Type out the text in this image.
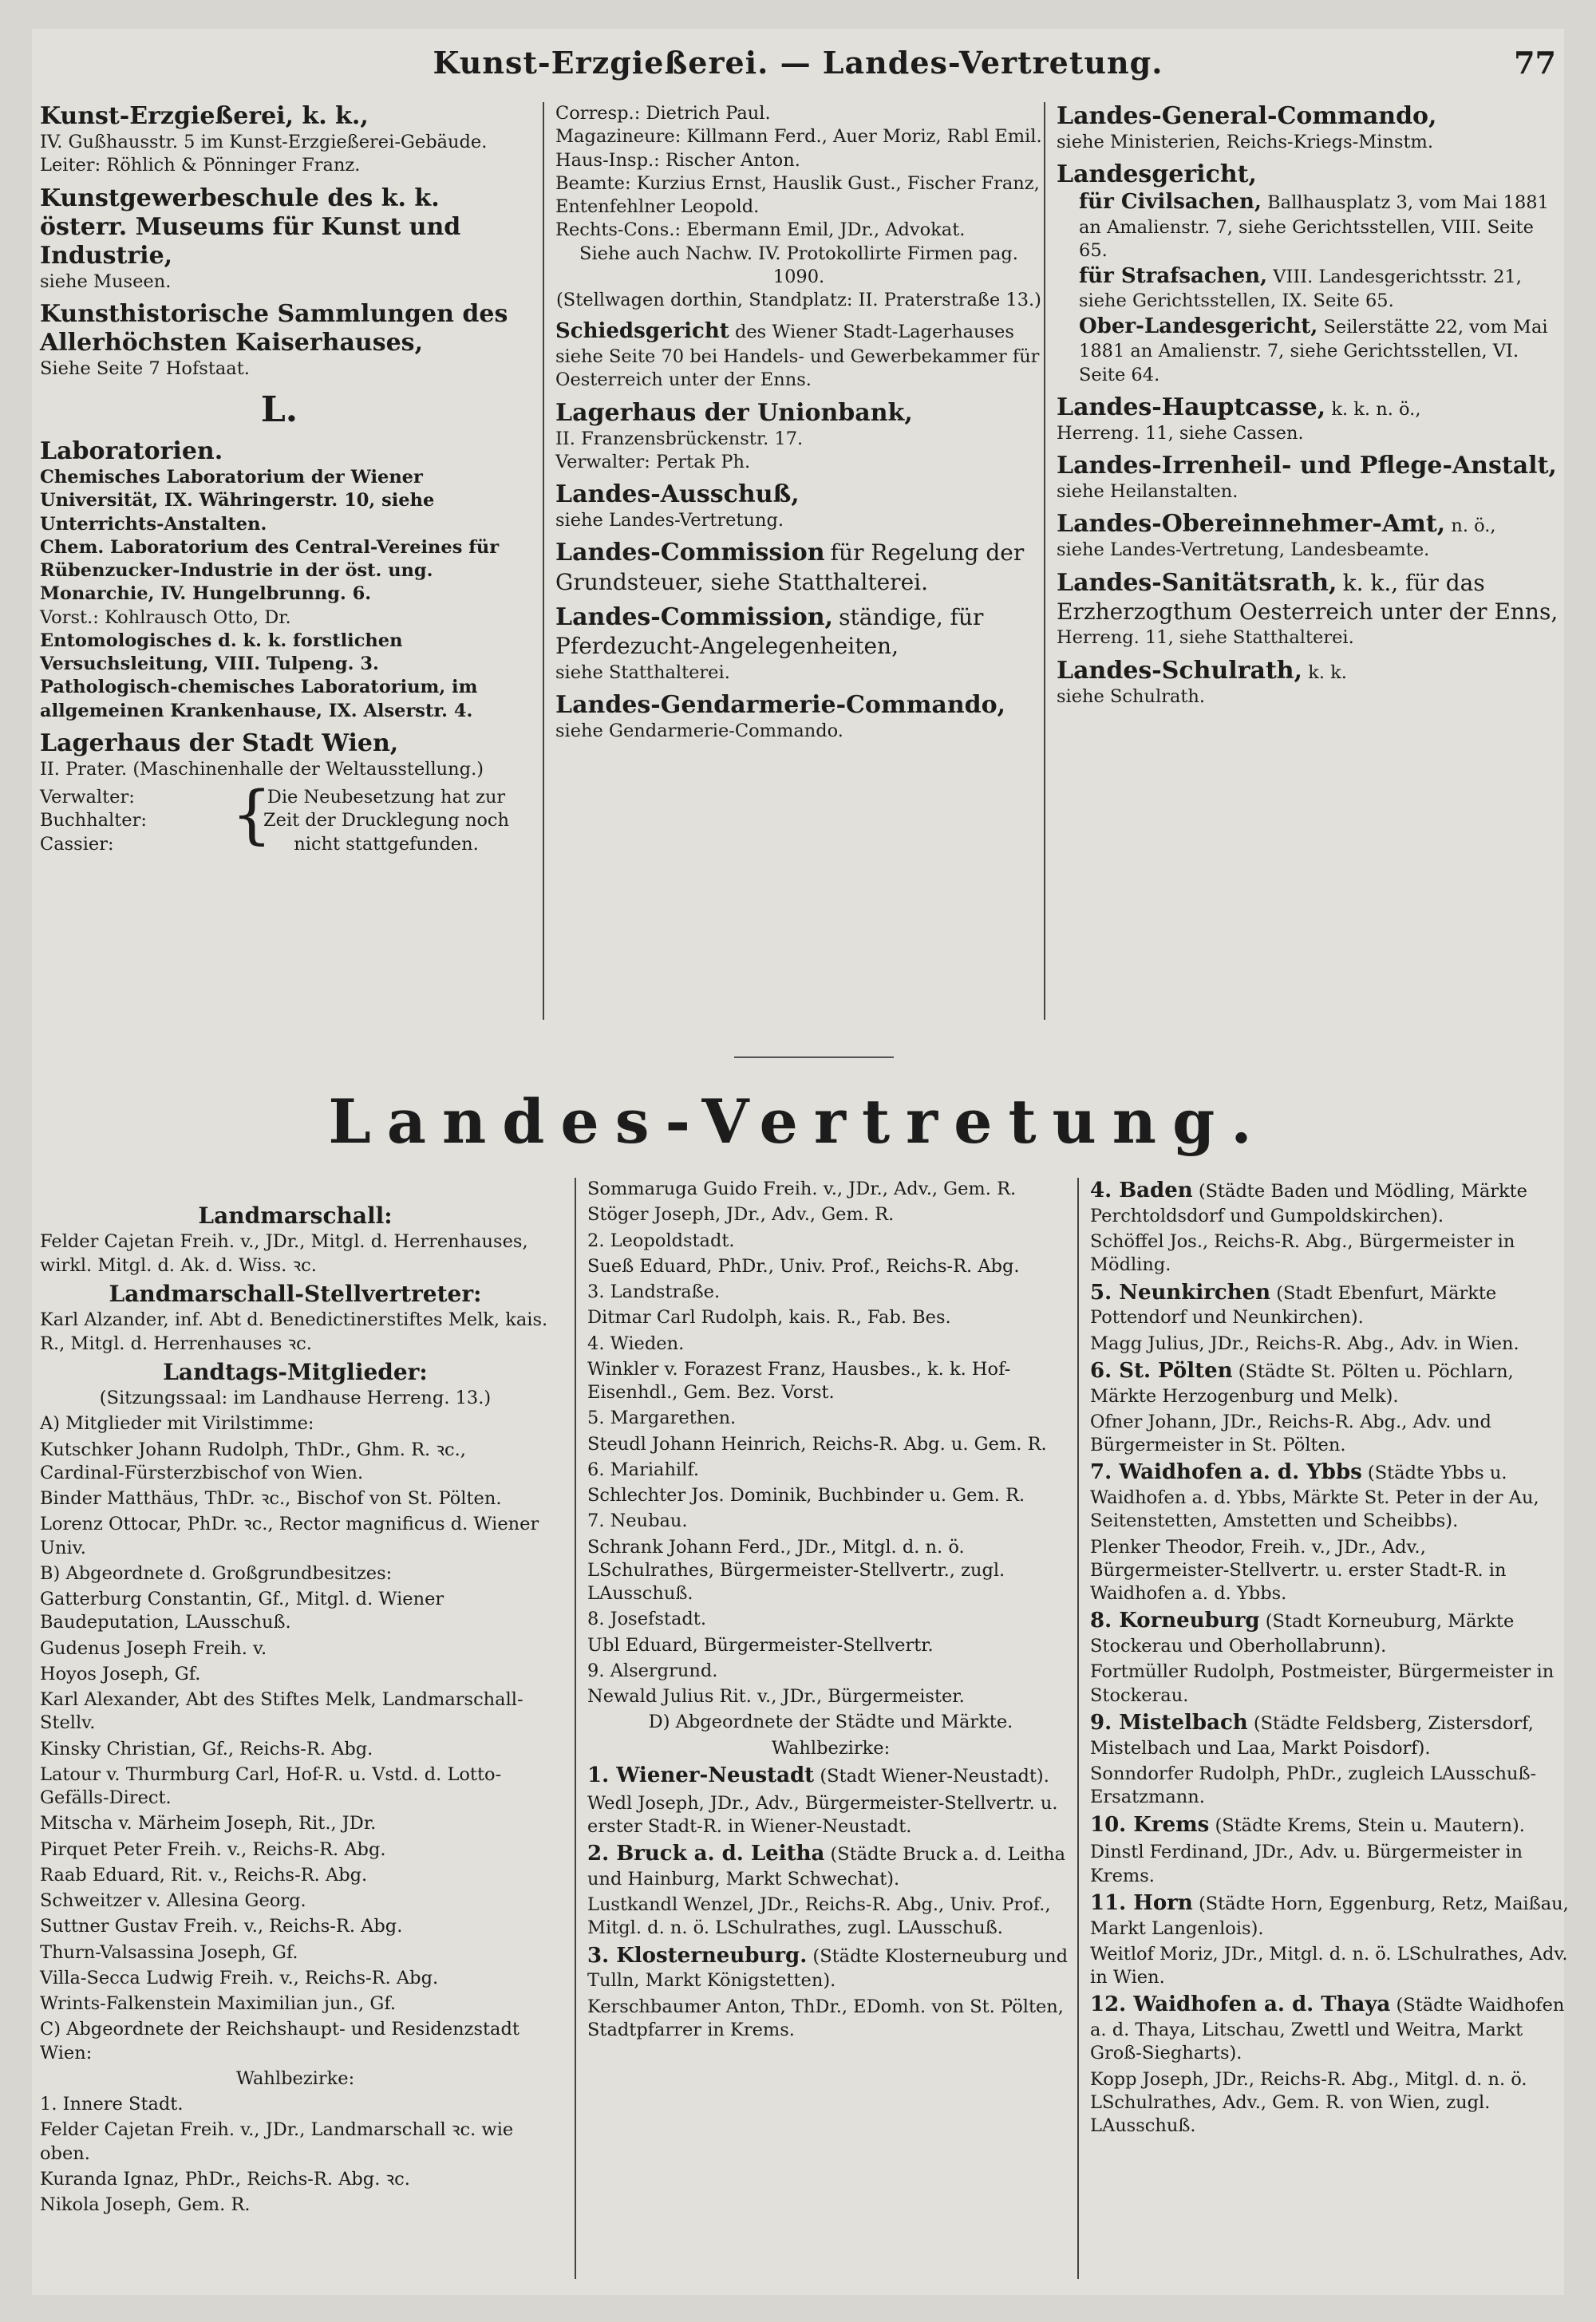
Kunst-Erzgießerei. — Landes-Vertretung.	77
Kunst-Erzgießerei, k. k.,
IV. Gußhausstr. 5 im Kunst-Erzgießerei-Gebäude.
Leiter: Röhlich & Pönninger Franz.
Kunstgewerbeschule des k. k. österr. Museums für Kunst und Industrie,
siehe Museen.
Kunsthistorische Sammlungen des Allerhöchsten Kaiserhauses,
Siehe Seite 7 Hofstaat.
L.
Laboratorien.
Chemisches Laboratorium der Wiener Universität, IX. Währingerstr. 10, siehe Unterrichts-Anstalten.
Chem. Laboratorium des Central-Vereines für Rübenzucker-Industrie in der öst. ung. Monarchie, IV. Hungelbrunng. 6.
Vorst.: Kohlrausch Otto, Dr.
Entomologisches d. k. k. forstlichen Versuchsleitung, VIII. Tulpeng. 3.
Pathologisch-chemisches Laboratorium, im allgemeinen Krankenhause, IX. Alserstr. 4.
Lagerhaus der Stadt Wien,
II. Prater. (Maschinenhalle der Weltausstellung.)
Verwalter:
Buchhalter:
Cassier:	{
Die Neubesetzung hat zur Zeit der Drucklegung noch nicht stattgefunden.
Corresp.: Dietrich Paul.
Magazineure: Killmann Ferd., Auer Moriz, Rabl Emil.
Haus-Insp.: Rischer Anton.
Beamte: Kurzius Ernst, Hauslik Gust., Fischer Franz, Entenfehlner Leopold.
Rechts-Cons.: Ebermann Emil, JDr., Advokat.
Siehe auch Nachw. IV. Protokollirte Firmen pag. 1090.
(Stellwagen dorthin, Standplatz: II. Praterstraße 13.)
Schiedsgericht des Wiener Stadt-Lagerhauses siehe Seite 70 bei Handels- und Gewerbekammer für Oesterreich unter der Enns.
Lagerhaus der Unionbank,
II. Franzensbrückenstr. 17.
Verwalter: Pertak Ph.
Landes-Ausschuß,
siehe Landes-Vertretung.
Landes-Commission für Regelung der Grundsteuer, siehe Statthalterei.
Landes-Commission, ständige, für Pferdezucht-Angelegenheiten,
siehe Statthalterei.
Landes-Gendarmerie-Commando,
siehe Gendarmerie-Commando.
Landes-General-Commando,
siehe Ministerien, Reichs-Kriegs-Minstm.
Landesgericht,
für Civilsachen, Ballhausplatz 3, vom Mai 1881 an Amalienstr. 7, siehe Gerichtsstellen, VIII. Seite 65.
für Strafsachen, VIII. Landesgerichtsstr. 21, siehe Gerichtsstellen, IX. Seite 65.
Ober-Landesgericht, Seilerstätte 22, vom Mai 1881 an Amalienstr. 7, siehe Gerichtsstellen, VI. Seite 64.
Landes-Hauptcasse, k. k. n. ö.,
Herreng. 11, siehe Cassen.
Landes-Irrenheil- und Pflege-Anstalt,
siehe Heilanstalten.
Landes-Obereinnehmer-Amt, n. ö.,
siehe Landes-Vertretung, Landesbeamte.
Landes-Sanitätsrath, k. k., für das Erzherzogthum Oesterreich unter der Enns,
Herreng. 11, siehe Statthalterei.
Landes-Schulrath, k. k.
siehe Schulrath.
Landes-Vertretung.
Landmarschall:
Felder Cajetan Freih. v., JDr., Mitgl. d. Herrenhauses, wirkl. Mitgl. d. Ak. d. Wiss. ꝛc.
Landmarschall-Stellvertreter:
Karl Alzander, inf. Abt d. Benedictinerstiftes Melk, kais. R., Mitgl. d. Herrenhauses ꝛc.
Landtags-Mitglieder:
(Sitzungssaal: im Landhause Herreng. 13.)
A) Mitglieder mit Virilstimme:
Kutschker Johann Rudolph, ThDr., Ghm. R. ꝛc., Cardinal-Fürsterzbischof von Wien.
Binder Matthäus, ThDr. ꝛc., Bischof von St. Pölten.
Lorenz Ottocar, PhDr. ꝛc., Rector magnificus d. Wiener Univ.
B) Abgeordnete d. Großgrundbesitzes:
Gatterburg Constantin, Gf., Mitgl. d. Wiener Baudeputation, LAusschuß.
Gudenus Joseph Freih. v.
Hoyos Joseph, Gf.
Karl Alexander, Abt des Stiftes Melk, Landmarschall-Stellv.
Kinsky Christian, Gf., Reichs-R. Abg.
Latour v. Thurmburg Carl, Hof-R. u. Vstd. d. Lotto-Gefälls-Direct.
Mitscha v. Märheim Joseph, Rit., JDr.
Pirquet Peter Freih. v., Reichs-R. Abg.
Raab Eduard, Rit. v., Reichs-R. Abg.
Schweitzer v. Allesina Georg.
Suttner Gustav Freih. v., Reichs-R. Abg.
Thurn-Valsassina Joseph, Gf.
Villa-Secca Ludwig Freih. v., Reichs-R. Abg.
Wrints-Falkenstein Maximilian jun., Gf.
C) Abgeordnete der Reichshaupt- und Residenzstadt Wien:
Wahlbezirke:
1. Innere Stadt.
Felder Cajetan Freih. v., JDr., Landmarschall ꝛc. wie oben.
Kuranda Ignaz, PhDr., Reichs-R. Abg. ꝛc.
Nikola Joseph, Gem. R.
Sommaruga Guido Freih. v., JDr., Adv., Gem. R.
Stöger Joseph, JDr., Adv., Gem. R.
2. Leopoldstadt.
Sueß Eduard, PhDr., Univ. Prof., Reichs-R. Abg.
3. Landstraße.
Ditmar Carl Rudolph, kais. R., Fab. Bes.
4. Wieden.
Winkler v. Forazest Franz, Hausbes., k. k. Hof-Eisenhdl., Gem. Bez. Vorst.
5. Margarethen.
Steudl Johann Heinrich, Reichs-R. Abg. u. Gem. R.
6. Mariahilf.
Schlechter Jos. Dominik, Buchbinder u. Gem. R.
7. Neubau.
Schrank Johann Ferd., JDr., Mitgl. d. n. ö. LSchulrathes, Bürgermeister-Stellvertr., zugl. LAusschuß.
8. Josefstadt.
Ubl Eduard, Bürgermeister-Stellvertr.
9. Alsergrund.
Newald Julius Rit. v., JDr., Bürgermeister.
D) Abgeordnete der Städte und Märkte.
Wahlbezirke:
1. Wiener-Neustadt (Stadt Wiener-Neustadt).
Wedl Joseph, JDr., Adv., Bürgermeister-Stellvertr. u. erster Stadt-R. in Wiener-Neustadt.
2. Bruck a. d. Leitha (Städte Bruck a. d. Leitha und Hainburg, Markt Schwechat).
Lustkandl Wenzel, JDr., Reichs-R. Abg., Univ. Prof., Mitgl. d. n. ö. LSchulrathes, zugl. LAusschuß.
3. Klosterneuburg. (Städte Klosterneuburg und Tulln, Markt Königstetten).
Kerschbaumer Anton, ThDr., EDomh. von St. Pölten, Stadtpfarrer in Krems.
4. Baden (Städte Baden und Mödling, Märkte Perchtoldsdorf und Gumpoldskirchen).
Schöffel Jos., Reichs-R. Abg., Bürgermeister in Mödling.
5. Neunkirchen (Stadt Ebenfurt, Märkte Pottendorf und Neunkirchen).
Magg Julius, JDr., Reichs-R. Abg., Adv. in Wien.
6. St. Pölten (Städte St. Pölten u. Pöchlarn, Märkte Herzogenburg und Melk).
Ofner Johann, JDr., Reichs-R. Abg., Adv. und Bürgermeister in St. Pölten.
7. Waidhofen a. d. Ybbs (Städte Ybbs u. Waidhofen a. d. Ybbs, Märkte St. Peter in der Au, Seitenstetten, Amstetten und Scheibbs).
Plenker Theodor, Freih. v., JDr., Adv., Bürgermeister-Stellvertr. u. erster Stadt-R. in Waidhofen a. d. Ybbs.
8. Korneuburg (Stadt Korneuburg, Märkte Stockerau und Oberhollabrunn).
Fortmüller Rudolph, Postmeister, Bürgermeister in Stockerau.
9. Mistelbach (Städte Feldsberg, Zistersdorf, Mistelbach und Laa, Markt Poisdorf).
Sonndorfer Rudolph, PhDr., zugleich LAusschuß-Ersatzmann.
10. Krems (Städte Krems, Stein u. Mautern).
Dinstl Ferdinand, JDr., Adv. u. Bürgermeister in Krems.
11. Horn (Städte Horn, Eggenburg, Retz, Maißau, Markt Langenlois).
Weitlof Moriz, JDr., Mitgl. d. n. ö. LSchulrathes, Adv. in Wien.
12. Waidhofen a. d. Thaya (Städte Waidhofen a. d. Thaya, Litschau, Zwettl und Weitra, Markt Groß-Siegharts).
Kopp Joseph, JDr., Reichs-R. Abg., Mitgl. d. n. ö. LSchulrathes, Adv., Gem. R. von Wien, zugl. LAusschuß.
